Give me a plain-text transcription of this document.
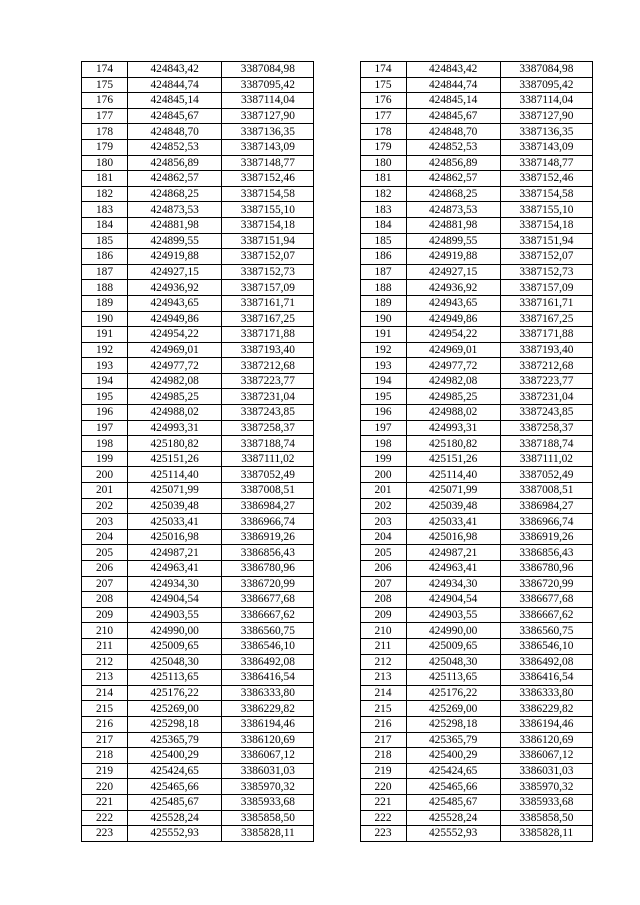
174	424843,42	3387084,98		174	424843,42	3387084,98
175	424844,74	3387095,42		175	424844,74	3387095,42
176	424845,14	3387114,04		176	424845,14	3387114,04
177	424845,67	3387127,90		177	424845,67	3387127,90
178	424848,70	3387136,35		178	424848,70	3387136,35
179	424852,53	3387143,09		179	424852,53	3387143,09
180	424856,89	3387148,77		180	424856,89	3387148,77
181	424862,57	3387152,46		181	424862,57	3387152,46
182	424868,25	3387154,58		182	424868,25	3387154,58
183	424873,53	3387155,10		183	424873,53	3387155,10
184	424881,98	3387154,18		184	424881,98	3387154,18
185	424899,55	3387151,94		185	424899,55	3387151,94
186	424919,88	3387152,07		186	424919,88	3387152,07
187	424927,15	3387152,73		187	424927,15	3387152,73
188	424936,92	3387157,09		188	424936,92	3387157,09
189	424943,65	3387161,71		189	424943,65	3387161,71
190	424949,86	3387167,25		190	424949,86	3387167,25
191	424954,22	3387171,88		191	424954,22	3387171,88
192	424969,01	3387193,40		192	424969,01	3387193,40
193	424977,72	3387212,68		193	424977,72	3387212,68
194	424982,08	3387223,77		194	424982,08	3387223,77
195	424985,25	3387231,04		195	424985,25	3387231,04
196	424988,02	3387243,85		196	424988,02	3387243,85
197	424993,31	3387258,37		197	424993,31	3387258,37
198	425180,82	3387188,74		198	425180,82	3387188,74
199	425151,26	3387111,02		199	425151,26	3387111,02
200	425114,40	3387052,49		200	425114,40	3387052,49
201	425071,99	3387008,51		201	425071,99	3387008,51
202	425039,48	3386984,27		202	425039,48	3386984,27
203	425033,41	3386966,74		203	425033,41	3386966,74
204	425016,98	3386919,26		204	425016,98	3386919,26
205	424987,21	3386856,43		205	424987,21	3386856,43
206	424963,41	3386780,96		206	424963,41	3386780,96
207	424934,30	3386720,99		207	424934,30	3386720,99
208	424904,54	3386677,68		208	424904,54	3386677,68
209	424903,55	3386667,62		209	424903,55	3386667,62
210	424990,00	3386560,75		210	424990,00	3386560,75
211	425009,65	3386546,10		211	425009,65	3386546,10
212	425048,30	3386492,08		212	425048,30	3386492,08
213	425113,65	3386416,54		213	425113,65	3386416,54
214	425176,22	3386333,80		214	425176,22	3386333,80
215	425269,00	3386229,82		215	425269,00	3386229,82
216	425298,18	3386194,46		216	425298,18	3386194,46
217	425365,79	3386120,69		217	425365,79	3386120,69
218	425400,29	3386067,12		218	425400,29	3386067,12
219	425424,65	3386031,03		219	425424,65	3386031,03
220	425465,66	3385970,32		220	425465,66	3385970,32
221	425485,67	3385933,68		221	425485,67	3385933,68
222	425528,24	3385858,50		222	425528,24	3385858,50
223	425552,93	3385828,11		223	425552,93	3385828,11
